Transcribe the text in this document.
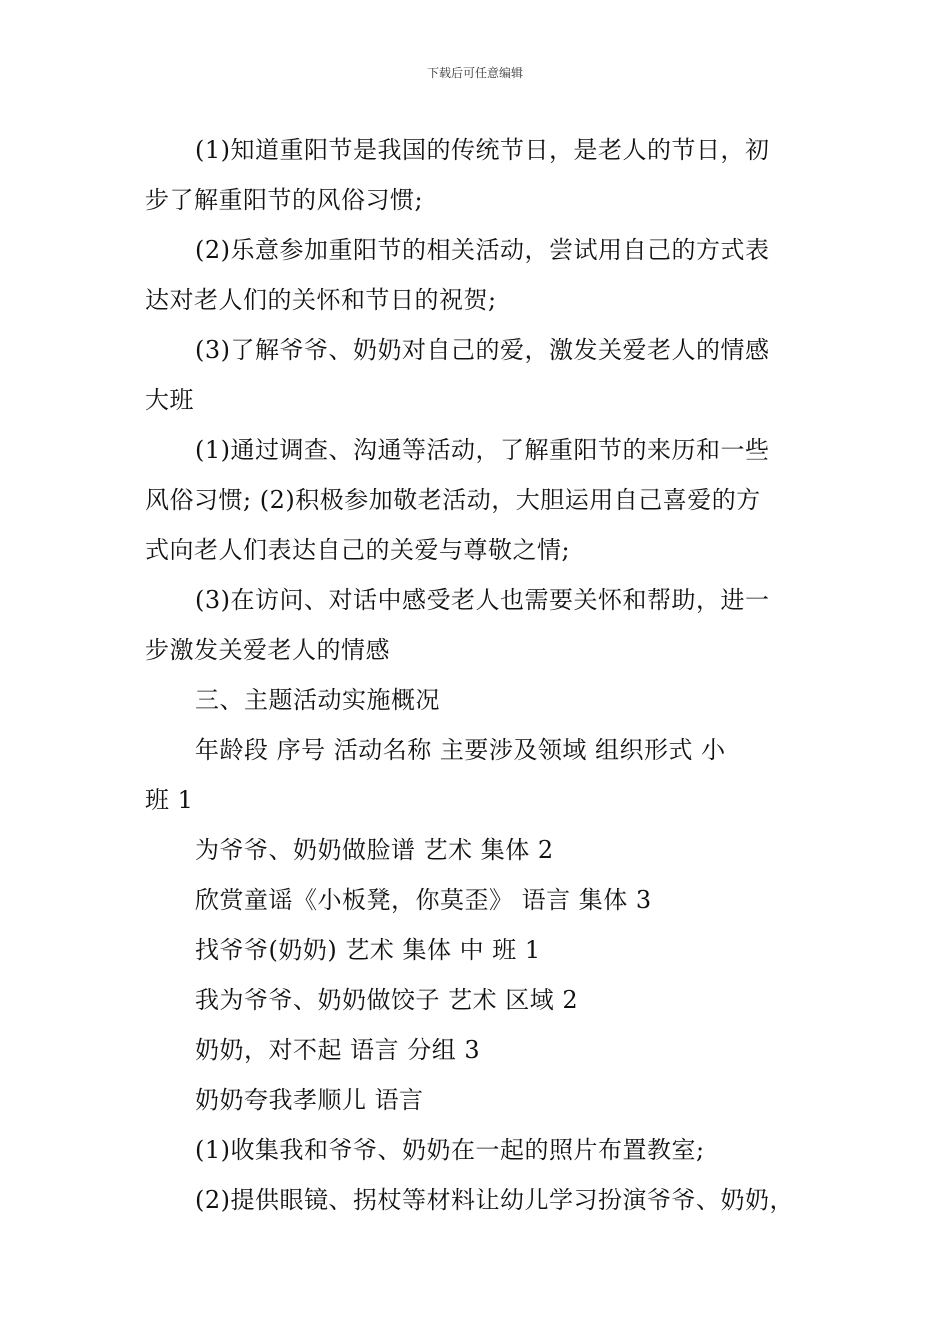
下载后可任意编辑
(1)知道重阳节是我国的传统节日，是老人的节日，初
步了解重阳节的风俗习惯;
(2)乐意参加重阳节的相关活动，尝试用自己的方式表
达对老人们的关怀和节日的祝贺;
(3)了解爷爷、奶奶对自己的爱，激发关爱老人的情感
大班
(1)通过调查、沟通等活动，了解重阳节的来历和一些
风俗习惯; (2)积极参加敬老活动，大胆运用自己喜爱的方
式向老人们表达自己的关爱与尊敬之情;
(3)在访问、对话中感受老人也需要关怀和帮助，进一
步激发关爱老人的情感
三、主题活动实施概况
年龄段 序号 活动名称 主要涉及领域 组织形式 小
班 1
为爷爷、奶奶做脸谱 艺术 集体 2
欣赏童谣《小板凳，你莫歪》 语言 集体 3
找爷爷(奶奶) 艺术 集体 中 班 1
我为爷爷、奶奶做饺子 艺术 区域 2
奶奶，对不起 语言 分组 3
奶奶夸我孝顺儿 语言
(1)收集我和爷爷、奶奶在一起的照片布置教室;
(2)提供眼镜、拐杖等材料让幼儿学习扮演爷爷、奶奶，
